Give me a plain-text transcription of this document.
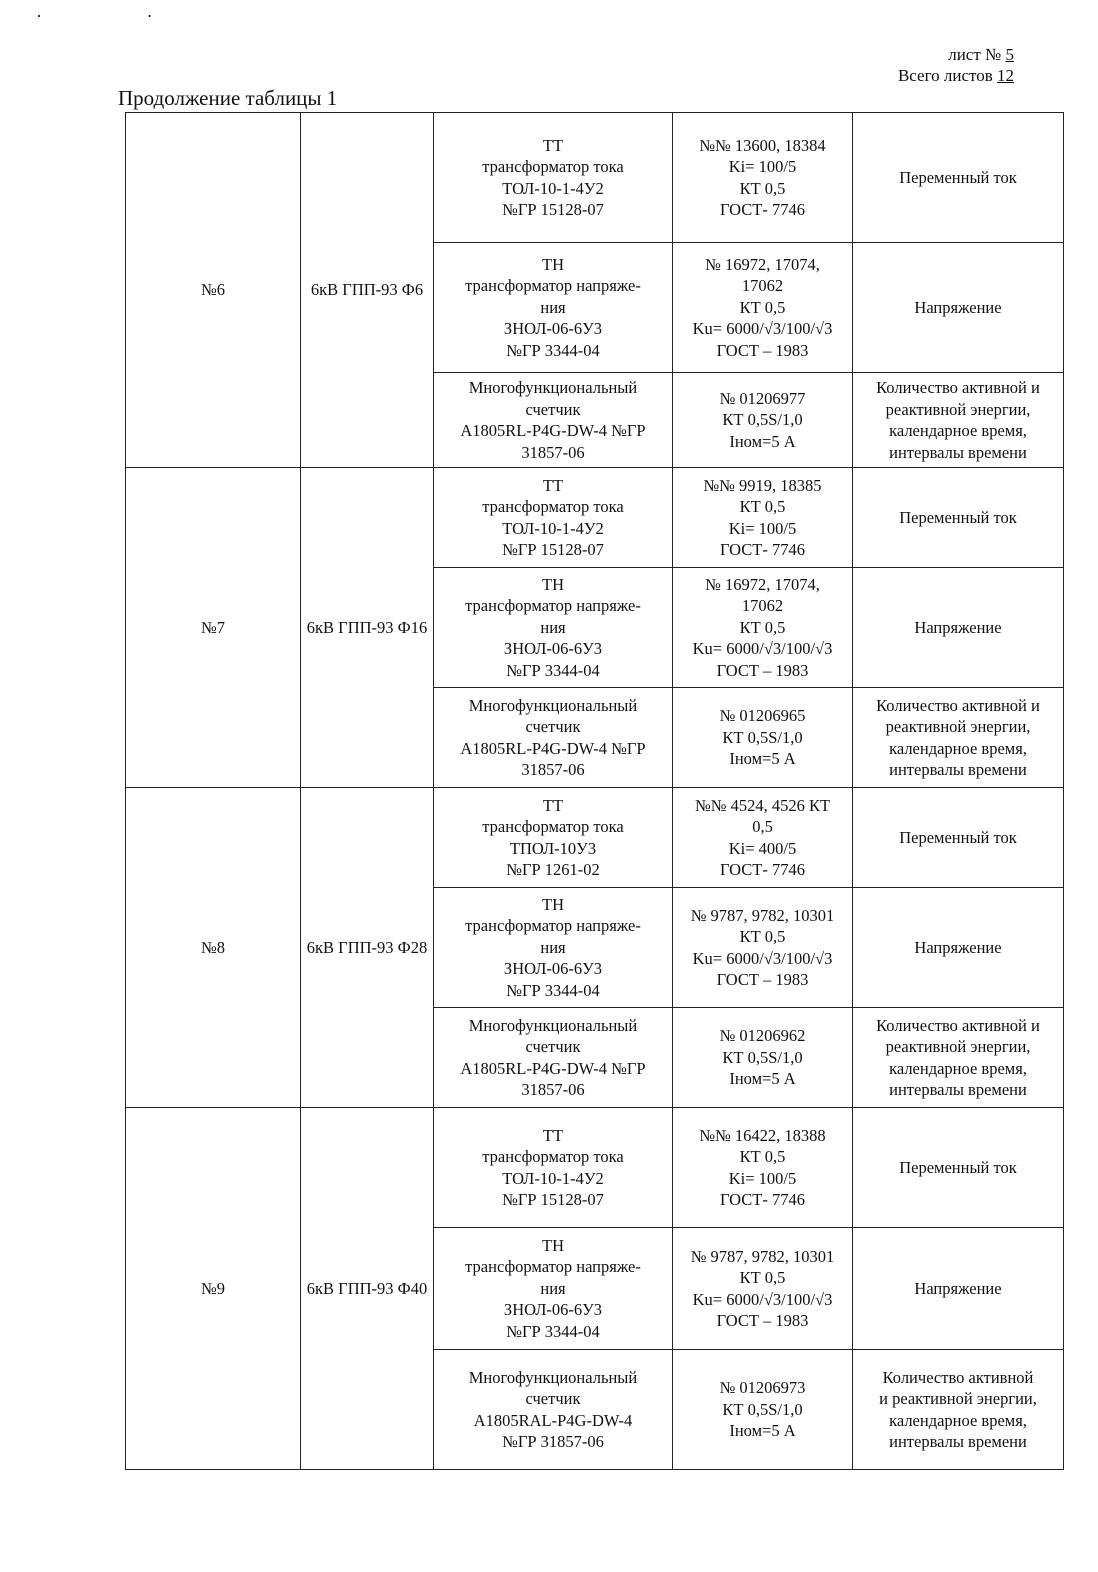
· ·
лист № 5
Всего листов 12
Продолжение таблицы 1
№6	6кВ ГПП-93 Ф6	ТТ
трансформатор тока
ТОЛ-10-1-4У2
№ГР 15128-07	№№ 13600, 18384
Ki= 100/5
КТ 0,5
ГОСТ- 7746	Переменный ток

		ТН
трансформатор напряже-
ния
ЗНОЛ-06-6У3
№ГР 3344-04	№ 16972, 17074,
17062
КТ 0,5
Ku= 6000/√3/100/√3
ГОСТ – 1983	Напряжение

		Многофункциональный
счетчик
А1805RL-P4G-DW-4 №ГР
31857-06	№ 01206977
КТ 0,5S/1,0
Iном=5 А	Количество активной и
реактивной энергии,
календарное время,
интервалы времени

№7	6кВ ГПП-93 Ф16	ТТ
трансформатор тока
ТОЛ-10-1-4У2
№ГР 15128-07	№№ 9919, 18385
КТ 0,5
Ki= 100/5
ГОСТ- 7746	Переменный ток

		ТН
трансформатор напряже-
ния
ЗНОЛ-06-6У3
№ГР 3344-04	№ 16972, 17074,
17062
КТ 0,5
Ku= 6000/√3/100/√3
ГОСТ – 1983	Напряжение

		Многофункциональный
счетчик
А1805RL-P4G-DW-4 №ГР
31857-06	№ 01206965
КТ 0,5S/1,0
Iном=5 А	Количество активной и
реактивной энергии,
календарное время,
интервалы времени

№8	6кВ ГПП-93 Ф28	ТТ
трансформатор тока
ТПОЛ-10У3
№ГР 1261-02	№№ 4524, 4526 КТ
0,5
Ki= 400/5
ГОСТ- 7746	Переменный ток

		ТН
трансформатор напряже-
ния
ЗНОЛ-06-6У3
№ГР 3344-04	№ 9787, 9782, 10301
КТ 0,5
Ku= 6000/√3/100/√3
ГОСТ – 1983	Напряжение

		Многофункциональный
счетчик
А1805RL-P4G-DW-4 №ГР
31857-06	№ 01206962
КТ 0,5S/1,0
Iном=5 А	Количество активной и
реактивной энергии,
календарное время,
интервалы времени

№9	6кВ ГПП-93 Ф40	ТТ
трансформатор тока
ТОЛ-10-1-4У2
№ГР 15128-07	№№ 16422, 18388
КТ 0,5
Ki= 100/5
ГОСТ- 7746	Переменный ток

		ТН
трансформатор напряже-
ния
ЗНОЛ-06-6У3
№ГР 3344-04	№ 9787, 9782, 10301
КТ 0,5
Ku= 6000/√3/100/√3
ГОСТ – 1983	Напряжение

		Многофункциональный
счетчик
А1805RAL-P4G-DW-4
№ГР 31857-06	№ 01206973
КТ 0,5S/1,0
Iном=5 А	Количество активной
и реактивной энергии,
календарное время,
интервалы времени
